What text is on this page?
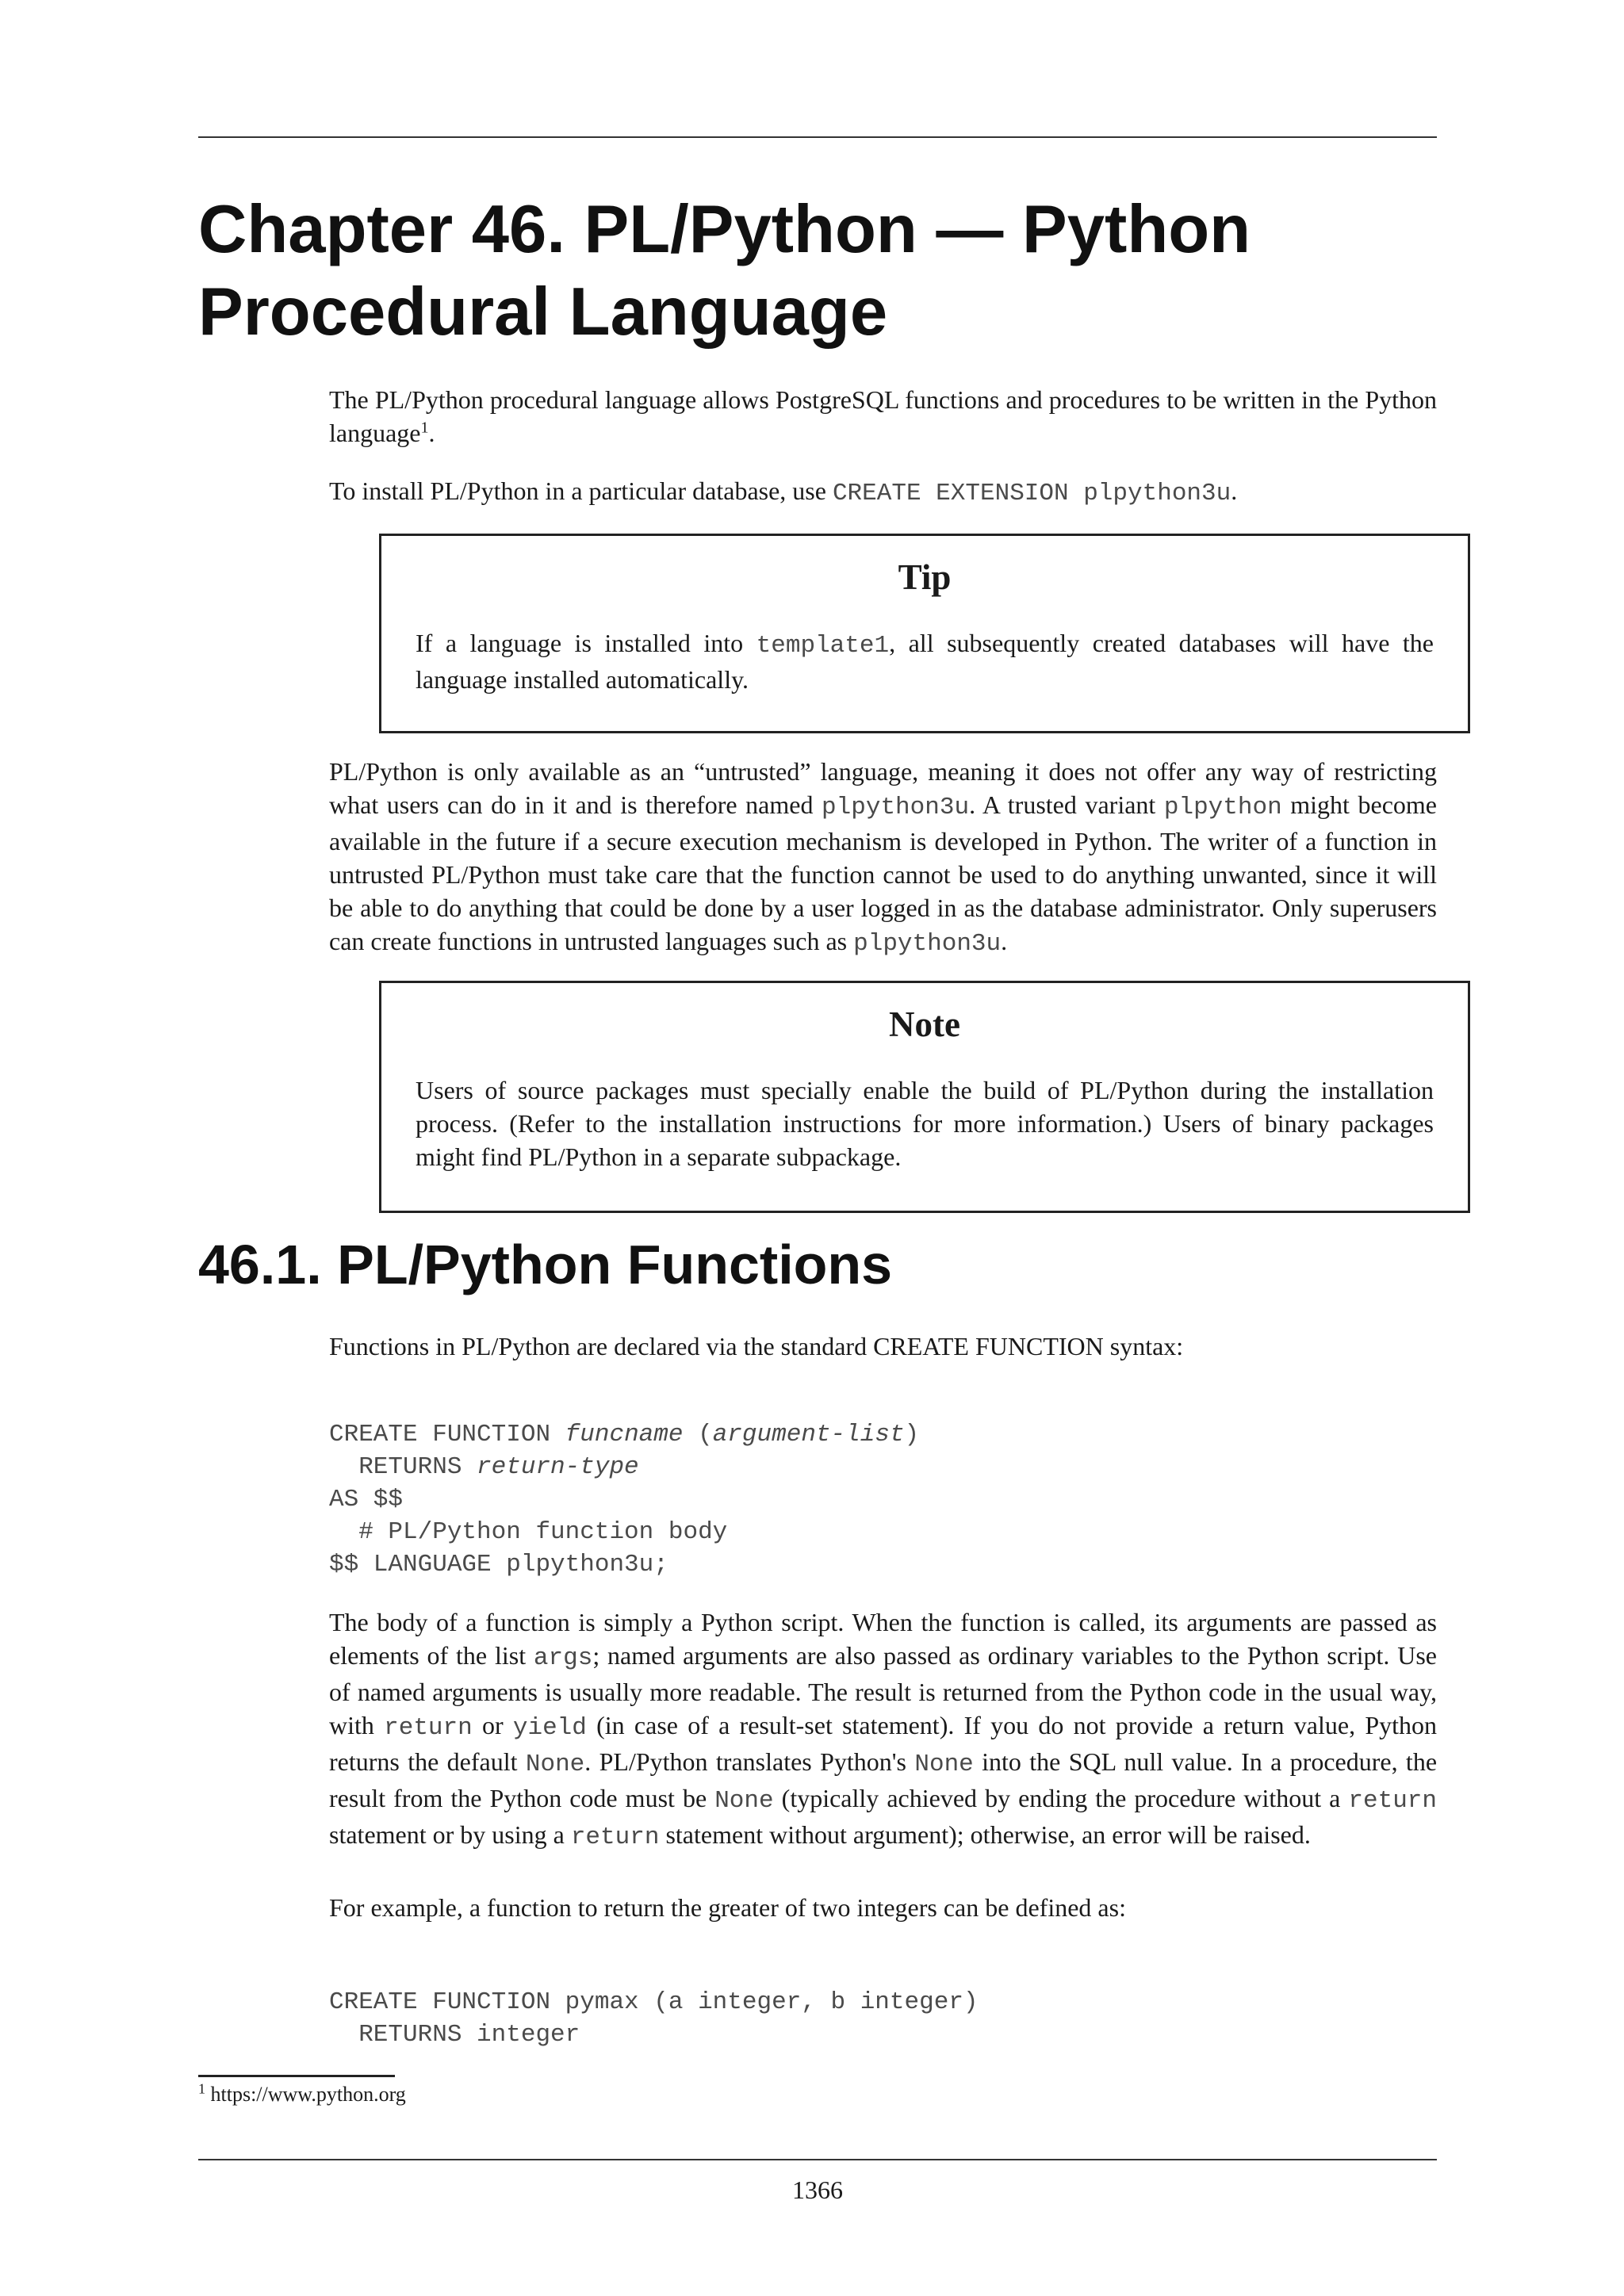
Chapter 46. PL/Python — Python
Procedural Language

The PL/Python procedural language allows PostgreSQL functions and procedures to be written in the Python language$^1$.

To install PL/Python in a particular database, use CREATE EXTENSION plpython3u.

Tip
If a language is installed into template1, all subsequently created databases will have the language installed automatically.

PL/Python is only available as an “untrusted” language, meaning it does not offer any way of restricting what users can do in it and is therefore named plpython3u. A trusted variant plpython might become available in the future if a secure execution mechanism is developed in Python. The writer of a function in untrusted PL/Python must take care that the function cannot be used to do anything unwanted, since it will be able to do anything that could be done by a user logged in as the database administrator. Only superusers can create functions in untrusted languages such as plpython3u.

Note
Users of source packages must specially enable the build of PL/Python during the installation process. (Refer to the installation instructions for more information.) Users of binary packages might find PL/Python in a separate subpackage.
46.1. PL/Python Functions

Functions in PL/Python are declared via the standard CREATE FUNCTION syntax:

CREATE FUNCTION funcname (argument-list)
RETURNS return-type
AS $$
# PL/Python function body
$$ LANGUAGE plpython3u;

The body of a function is simply a Python script. When the function is called, its arguments are passed as elements of the list args; named arguments are also passed as ordinary variables to the Python script. Use of named arguments is usually more readable. The result is returned from the Python code in the usual way, with return or yield (in case of a result-set statement). If you do not provide a return value, Python returns the default None. PL/Python translates Python's None into the SQL null value. In a procedure, the result from the Python code must be None (typically achieved by ending the procedure without a return statement or by using a return statement without argument); otherwise, an error will be raised.

For example, a function to return the greater of two integers can be defined as:

CREATE FUNCTION pymax (a integer, b integer)
RETURNS integer
$^1$ https://www.python.org
1366
